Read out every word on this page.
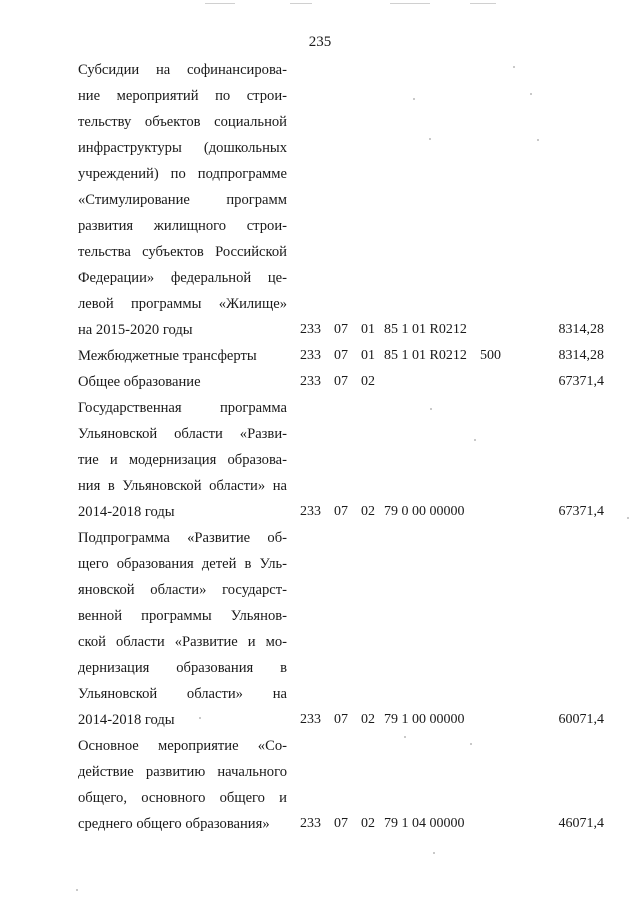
235
Субсидии на софинансирова-
ние мероприятий по строи-
тельству объектов социальной
инфраструктуры (дошкольных
учреждений) по подпрограмме
«Стимулирование программ
развития жилищного строи-
тельства субъектов Российской
Федерации» федеральной це-
левой программы «Жилище»
на 2015-2020 годы	233 07 01 85 1 01 R0212	8314,28
Межбюджетные трансферты	233 07 01 85 1 01 R0212 500	8314,28
Общее образование	233 07 02	67371,4
Государственная программа
Ульяновской области «Разви-
тие и модернизация образова-
ния в Ульяновской области» на
2014-2018 годы	233 07 02 79 0 00 00000	67371,4
Подпрограмма «Развитие об-
щего образования детей в Уль-
яновской области» государст-
венной программы Ульянов-
ской области «Развитие и мо-
дернизация образования в
Ульяновской области» на
2014-2018 годы	233 07 02 79 1 00 00000	60071,4
Основное мероприятие «Со-
действие развитию начального
общего, основного общего и
среднего общего образования»	233 07 02 79 1 04 00000	46071,4
